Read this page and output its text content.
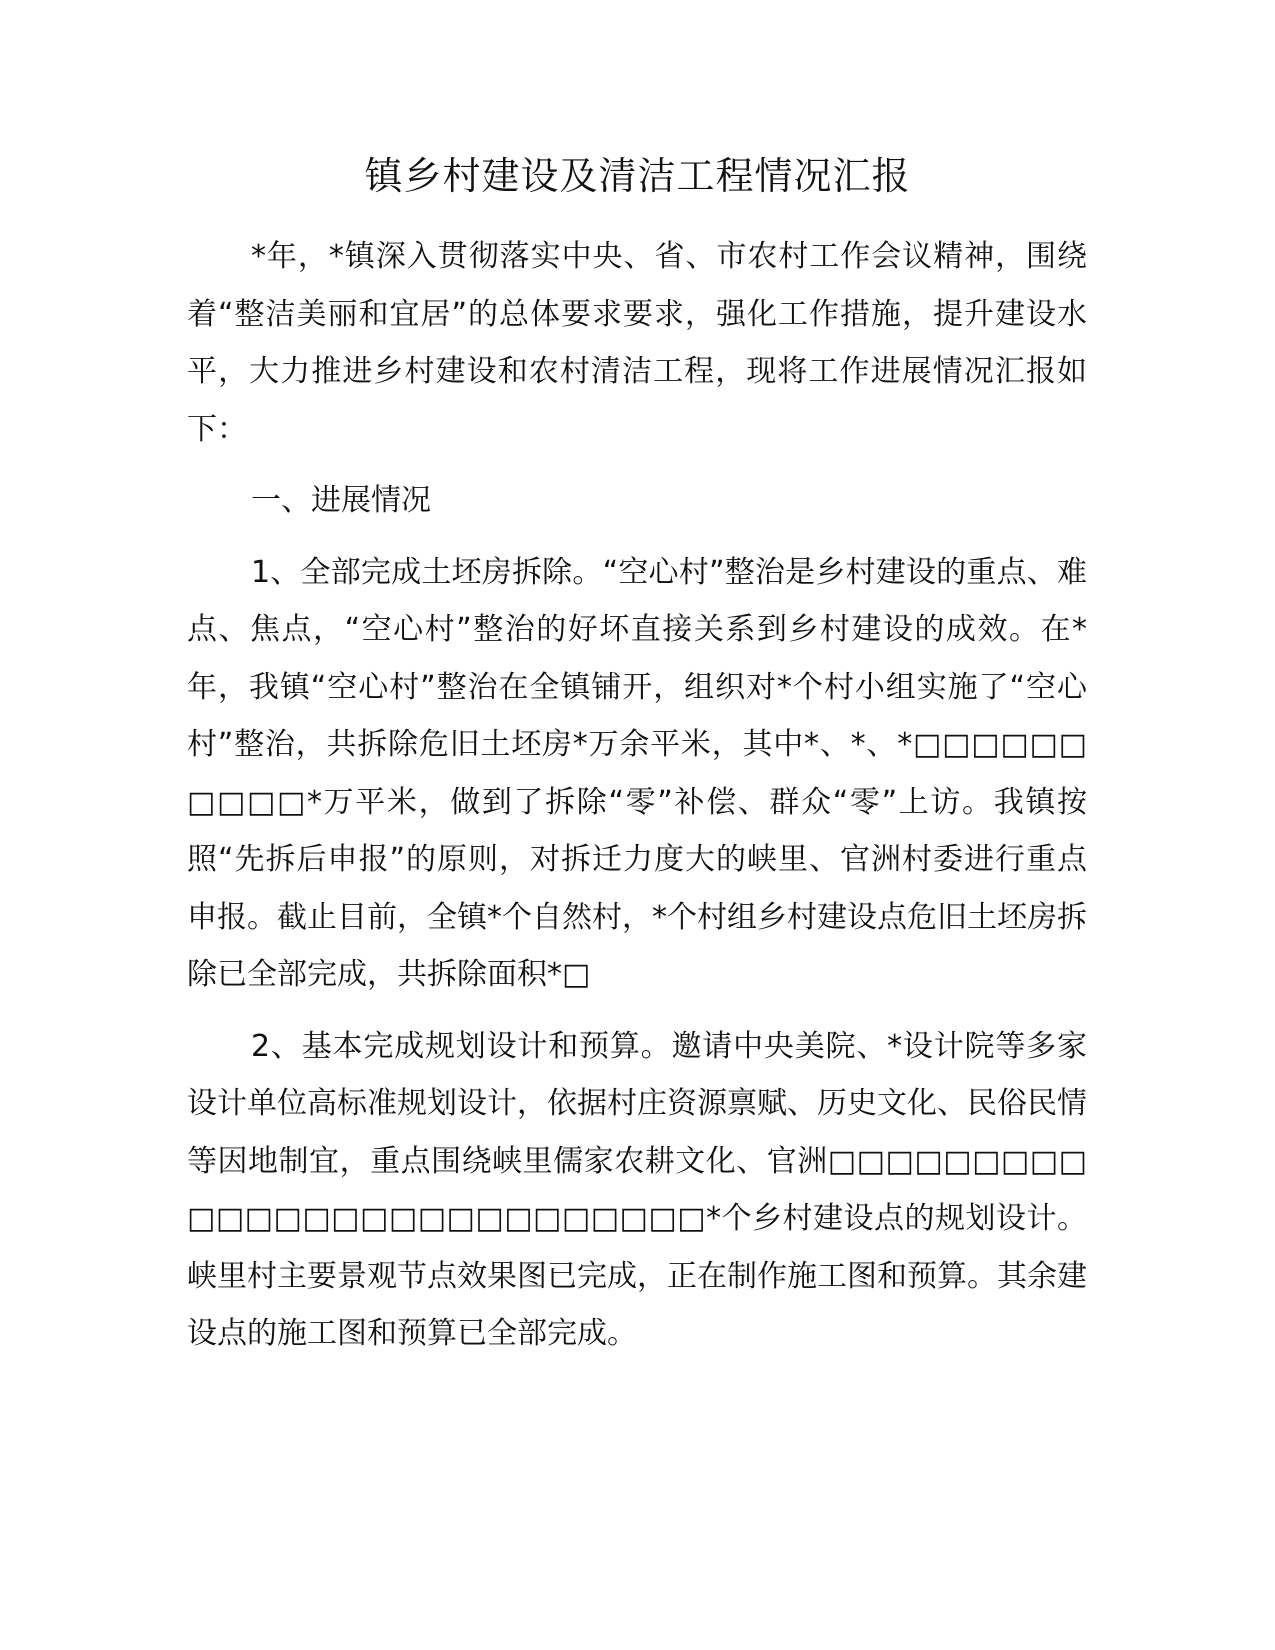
镇乡村建设及清洁工程情况汇报

*年，*镇深入贯彻落实中央、省、市农村工作会议精神，围绕着“整洁美丽和宜居”的总体要求要求，强化工作措施，提升建设水平，大力推进乡村建设和农村清洁工程，现将工作进展情况汇报如下：

一、进展情况

1、全部完成土坯房拆除。“空心村”整治是乡村建设的重点、难点、焦点，“空心村”整治的好坏直接关系到乡村建设的成效。在*年，我镇“空心村”整治在全镇铺开，组织对*个村小组实施了“空心村”整治，共拆除危旧土坯房*万余平米，其中*、*、*□□□□□□□□□□*万平米，做到了拆除“零”补偿、群众“零”上访。我镇按照“先拆后申报”的原则，对拆迁力度大的峡里、官洲村委进行重点申报。截止目前，全镇*个自然村，*个村组乡村建设点危旧土坯房拆除已全部完成，共拆除面积*□

2、基本完成规划设计和预算。邀请中央美院、*设计院等多家设计单位高标准规划设计，依据村庄资源禀赋、历史文化、民俗民情等因地制宜，重点围绕峡里儒家农耕文化、官洲□□□□□□□□□□□□□□□□□□□□□□□□□□□*个乡村建设点的规划设计。峡里村主要景观节点效果图已完成，正在制作施工图和预算。其余建设点的施工图和预算已全部完成。
